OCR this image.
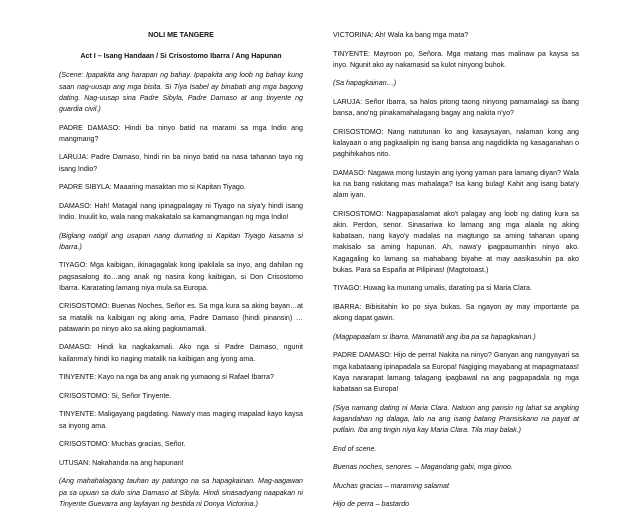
NOLI ME TANGERE

Act I – Isang Handaan / Si Crisostomo Ibarra / Ang Hapunan

(Scene: Ipapakita ang harapan ng bahay. Ipapakita ang loob ng bahay kung saan nag-uusap ang mga bisita. Si Tiya Isabel ay binabati ang mga bagong dating. Nag-uusap sina Padre Sibyla, Padre Damaso at ang tinyente ng guardia civil.)

PADRE DAMASO: Hindi ba ninyo batid na marami sa mga Indio ang mangmang?

LARUJA: Padre Damaso, hindi rin ba ninyo batid na nasa tahanan tayo ng isang Indio?

PADRE SIBYLA: Maaaring masaktan mo si Kapitan Tiyago.

DAMASO: Hah! Matagal nang ipinagpalagay ni Tiyago na siya'y hindi isang Indio. Inuulit ko, wala nang makakatalo sa kamangmangan ng mga Indio!

(Biglang natigil ang usapan nang dumating si Kapitan Tiyago kasama si Ibarra.)

TIYAGO: Mga kaibigan, ikinagagalak kong ipakilala sa inyo, ang dahilan ng pagsasalong ito…ang anak ng nasira kong kaibigan, si Don Crisostomo Ibarra. Kararating lamang niya mula sa Europa.

CRISOSTOMO: Buenas Noches, Señor es. Sa mga kura sa aking bayan…at sa matalik na kaibigan ng aking ama, Padre Damaso (hindi pinansin) …patawarin po ninyo ako sa aking pagkamamali.

DAMASO: Hindi ka nagkakamali. Ako nga si Padre Damaso, ngunit kailanma'y hindi ko naging matalik na kaibigan ang iyong ama.

TINYENTE: Kayo na nga ba ang anak ng yumaong si Rafael Ibarra?

CRISOSTOMO: Si, Señor Tinyente.

TINYENTE: Maligayang pagdating. Nawa'y mas maging mapalad kayo kaysa sa inyong ama.

CRISOSTOMO: Muchas gracias, Señor.

UTUSAN: Nakahanda na ang hapunan!

(Ang mahahalagang tauhan ay patungo na sa hapagkainan. Mag-aagawan pa sa upuan sa dulo sina Damaso at Sibyla. Hindi sinasadyang naapakan ni Tinyente Guevarra ang laylayan ng bestida ni Donya Victorina.)

VICTORINA: Ah! Wala ka bang mga mata?

TINYENTE: Mayroon po, Señora. Mga matang mas malinaw pa kaysa sa inyo. Ngunit ako ay nakamasid sa kulot ninyong buhok.

(Sa hapagkainan…)

LARUJA: Señor Ibarra, sa halos pitong taong ninyong pamamalagi sa ibang bansa, ano'ng pinakamahalagang bagay ang nakita n'yo?

CRISOSTOMO: Nang natutunan ko ang kasaysayan, nalaman kong ang kalayaan o ang pagkaalipin ng isang bansa ang nagdidikta ng kasaganahan o paghihikahos nito.

DAMASO: Nagawa mong lustayin ang iyong yaman para lamang diyan? Wala ka na bang nakitang mas mahalaga? Isa kang bulag! Kahit ang isang bata'y alam iyan.

CRISOSTOMO: Nagpapasalamat ako't palagay ang loob ng dating kura sa akin. Perdon, senor. Sinasariwa ko lamang ang mga alaala ng aking kabataan, nang kayo'y madalas na magtungo sa aming tahanan upang makisalo sa aming hapunan. Ah, nawa'y ipagpaumanhin ninyo ako. Kagagaling ko lamang sa mahabang biyahe at may aasikasuhin pa ako bukas. Para sa España at Pilipinas! (Magtotoast.)

TIYAGO: Huwag ka munang umalis, darating pa si Maria Clara.

IBARRA: Bibisitahin ko po siya bukas. Sa ngayon ay may importante pa akong dapat gawin.

(Magpapaalam si Ibarra. Mananatili ang iba pa sa hapagkainan.)

PADRE DAMASO: Hijo de perra! Nakita na ninyo? Ganyan ang nangyayari sa mga kabataang ipinapadala sa Europa! Nagiging mayabang at mapagmataas! Kaya nararapat lamang talagang ipagbawal na ang pagpapadala ng mga kabataan sa Europa!

(Siya namang dating ni Maria Clara. Natuon ang pansin ng lahat sa angking kagandahan ng dalaga, lalo na ang isang batang Pransiskano na payat at putlain. Iba ang tingin niya kay Maria Clara. Tila may balak.)

End of scene.

Buenas noches, senores. – Magandang gabi, mga ginoo.

Muchas gracias – maraming salamat

Hijo de perra – bastardo
